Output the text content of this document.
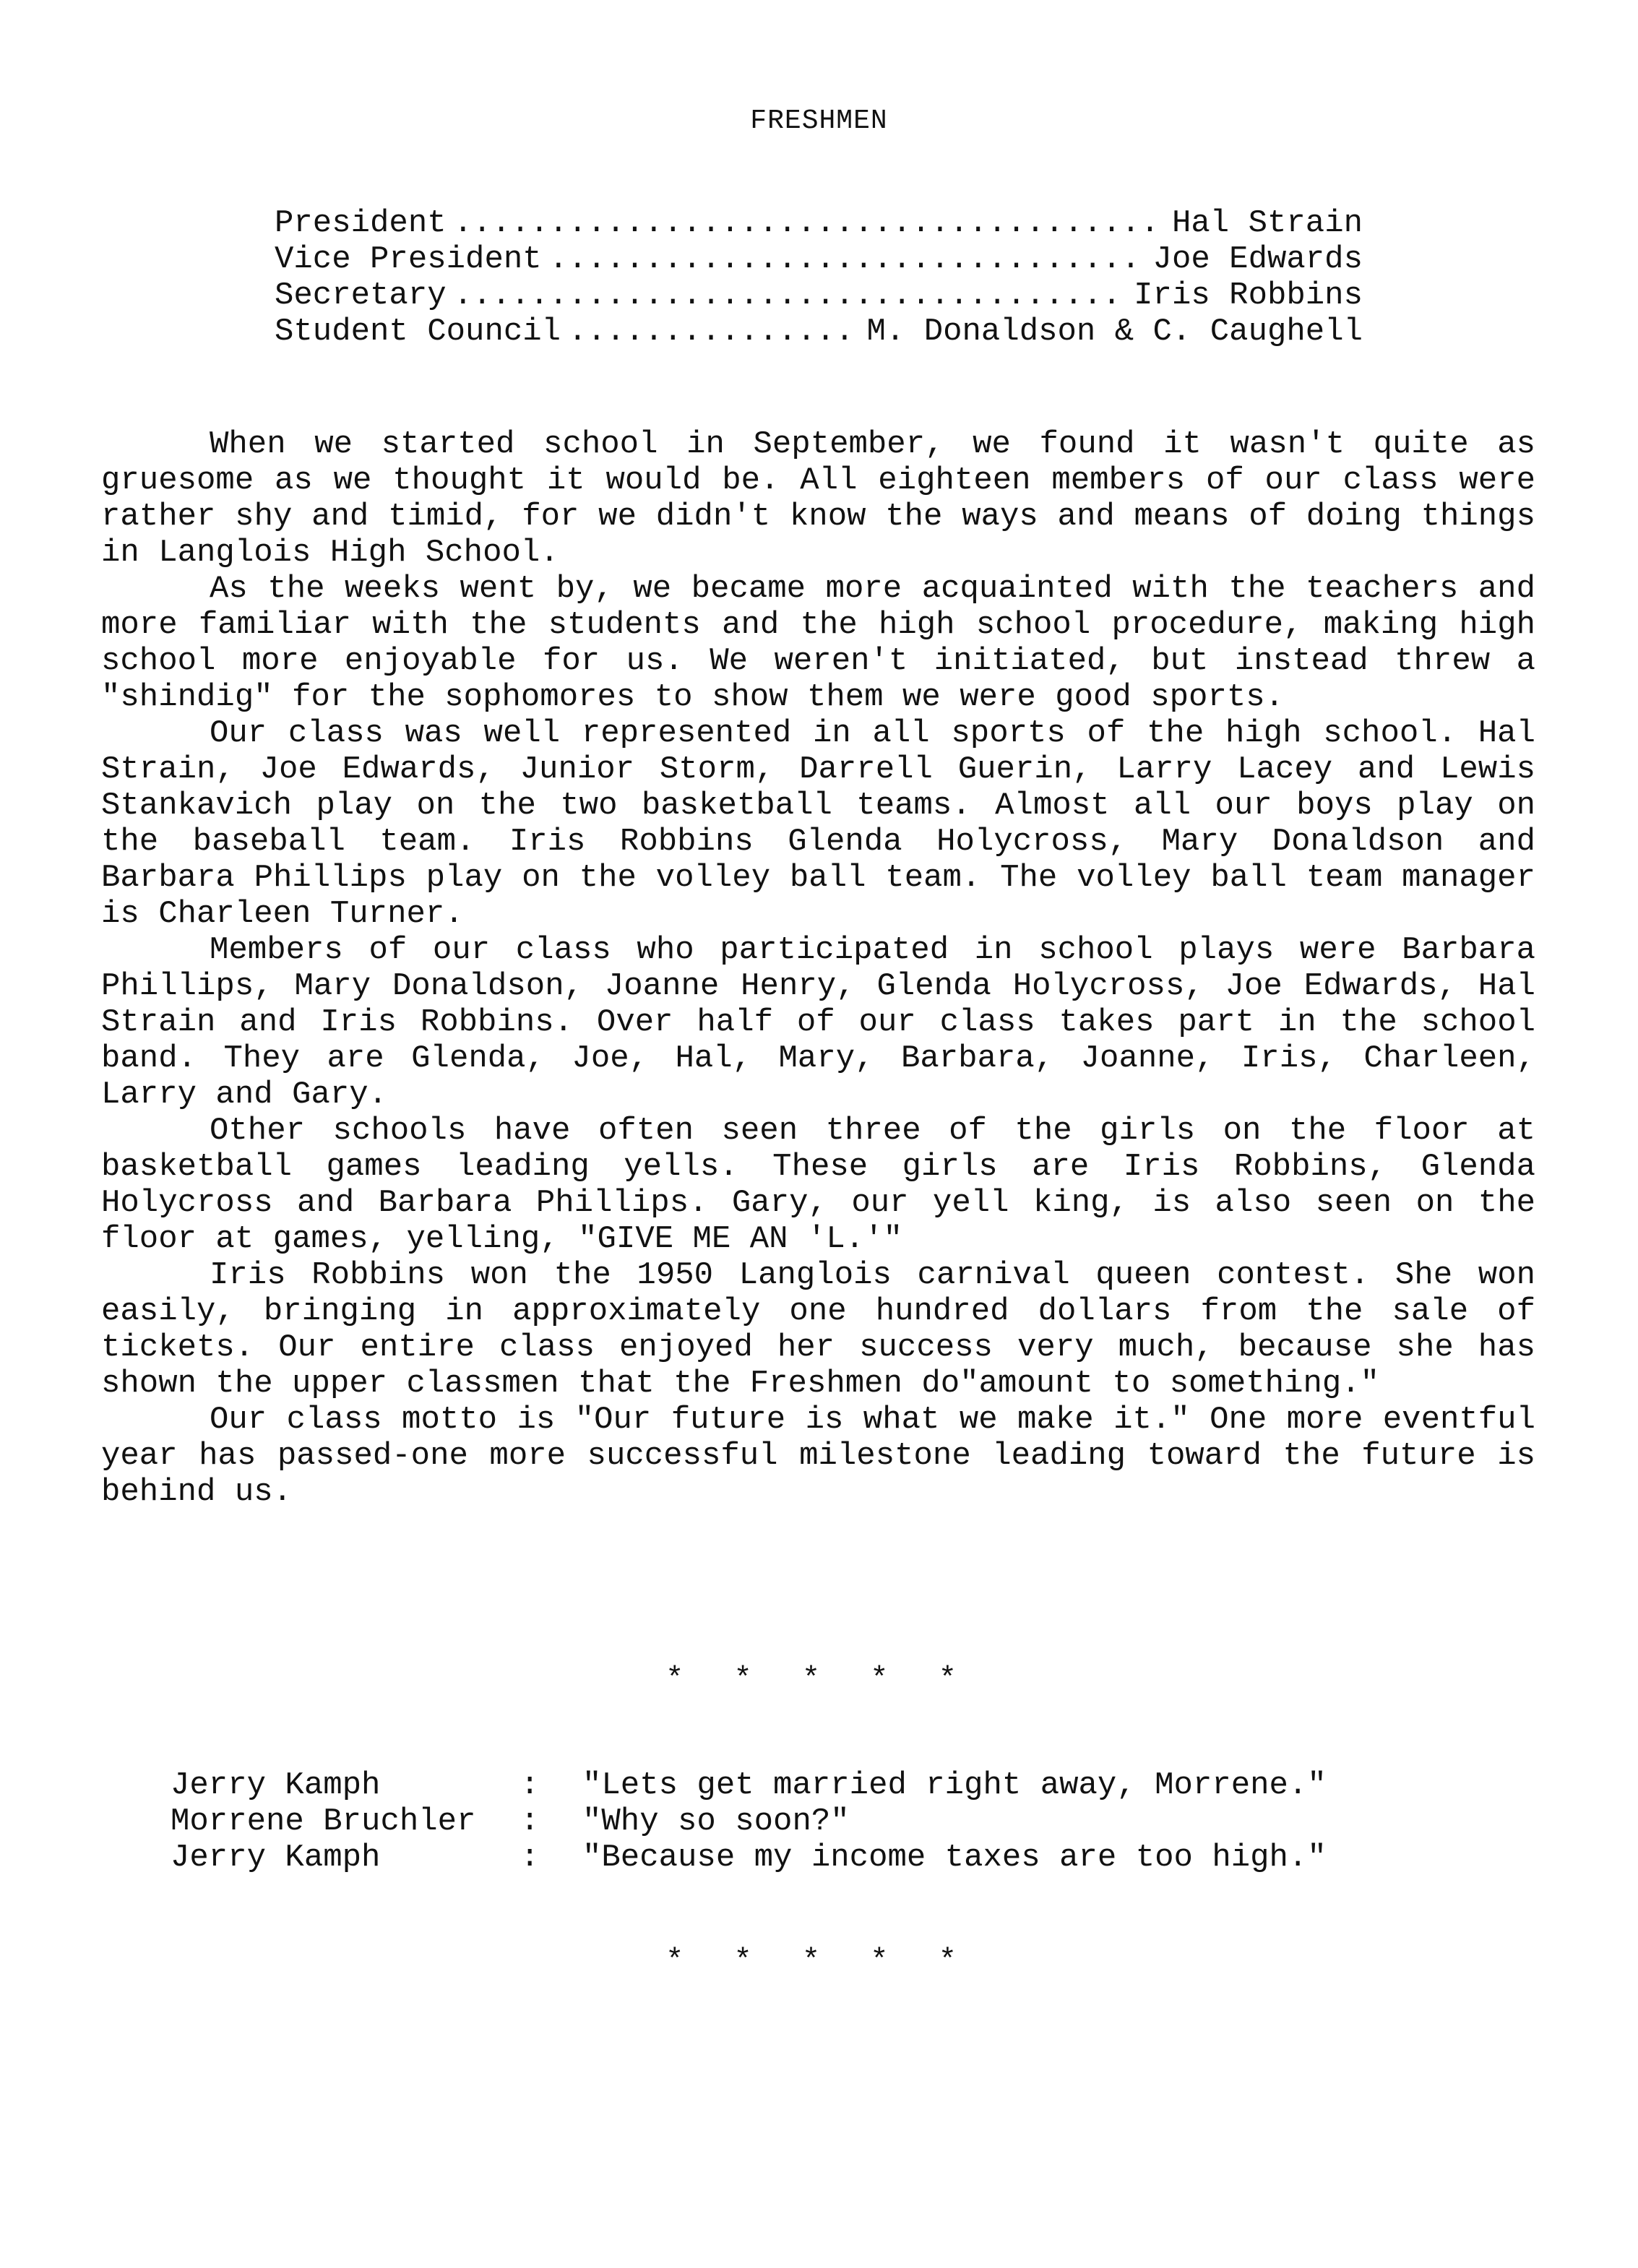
FRESHMEN
President .....	Hal Strain
Vice President .....	Joe Edwards
Secretary .....	Iris Robbins
Student Council .....	M. Donaldson & C. Caughell

When we started school in September, we found it wasn't quite as gruesome as we thought it would be. All eighteen members of our class were rather shy and timid, for we didn't know the ways and means of doing things in Langlois High School.

As the weeks went by, we became more acquainted with the teachers and more familiar with the students and the high school procedure, making high school more enjoyable for us. We weren't initiated, but instead threw a "shindig" for the sophomores to show them we were good sports.

Our class was well represented in all sports of the high school. Hal Strain, Joe Edwards, Junior Storm, Darrell Guerin, Larry Lacey and Lewis Stankavich play on the two basketball teams. Almost all our boys play on the baseball team. Iris Robbins Glenda Holycross, Mary Donaldson and Barbara Phillips play on the volley ball team. The volley ball team manager is Charleen Turner.

Members of our class who participated in school plays were Barbara Phillips, Mary Donaldson, Joanne Henry, Glenda Holycross, Joe Edwards, Hal Strain and Iris Robbins. Over half of our class takes part in the school band. They are Glenda, Joe, Hal, Mary, Barbara, Joanne, Iris, Charleen, Larry and Gary.

Other schools have often seen three of the girls on the floor at basketball games leading yells. These girls are Iris Robbins, Glenda Holycross and Barbara Phillips. Gary, our yell king, is also seen on the floor at games, yelling, "GIVE ME AN 'L.'"

Iris Robbins won the 1950 Langlois carnival queen contest. She won easily, bringing in approximately one hundred dollars from the sale of tickets. Our entire class enjoyed her success very much, because she has shown the upper classmen that the Freshmen do"amount to something."

Our class motto is "Our future is what we make it." One more eventful year has passed-one more successful milestone leading toward the future is behind us.

* * * * *
Jerry Kamph	:	"Lets get married right away, Morrene."
Morrene Bruchler	:	"Why so soon?"
Jerry Kamph	:	"Because my income taxes are too high."
* * * * *
